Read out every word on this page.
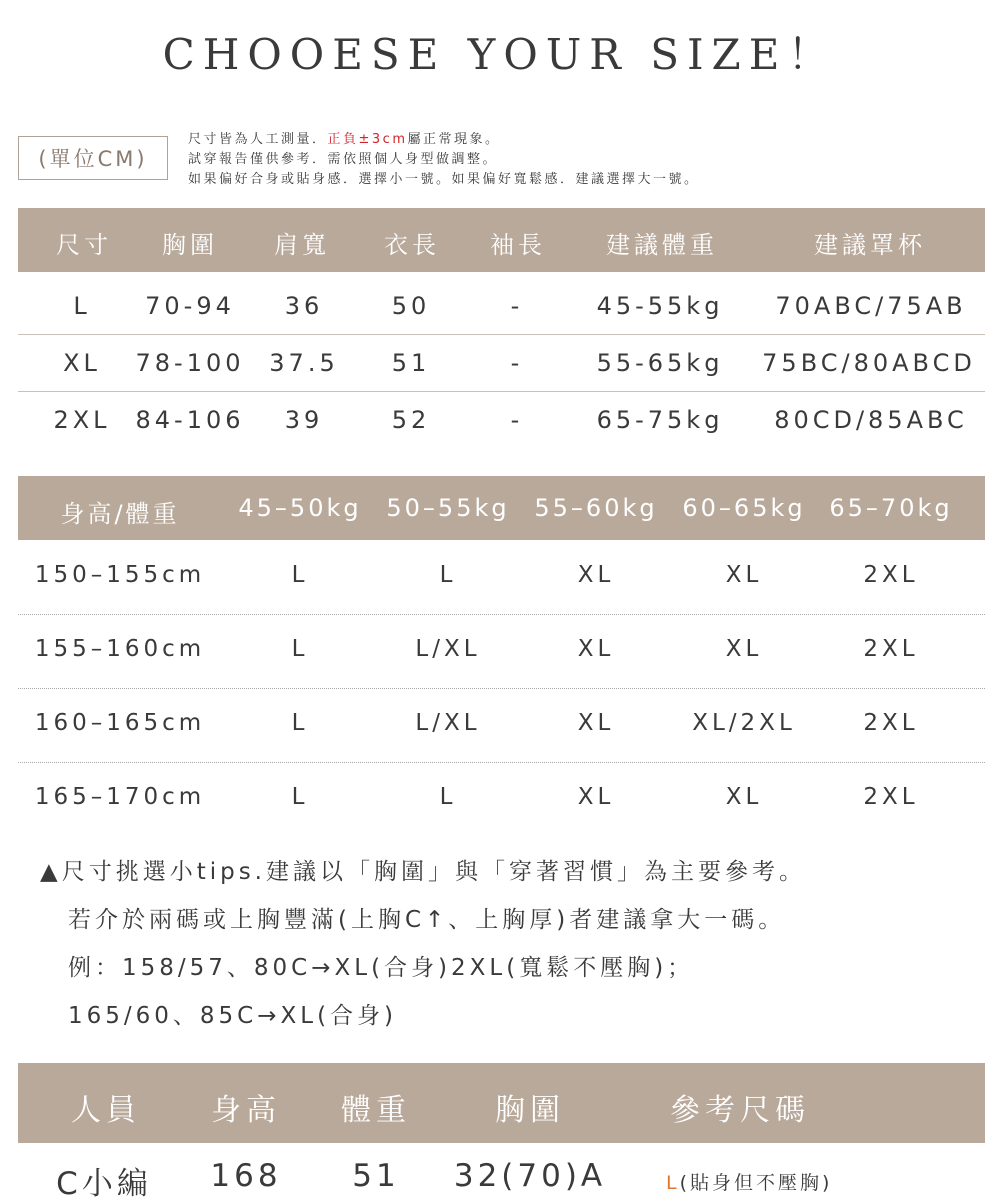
CHOOESE YOUR SIZE！
(單位CM)
尺寸皆為人工測量．正負±3cm屬正常現象。
試穿報告僅供參考．需依照個人身型做調整。
如果偏好合身或貼身感．選擇小一號。如果偏好寬鬆感．建議選擇大一號。
尺寸 胸圍 肩寬 衣長 袖長	建議體重	建議罩杯
L 70-94 36	50	-	45-55kg 70ABC/75AB
XL 78-100 37.5 51	-	55-65kg 75BC/80ABCD
2XL 84-106 39	52	-	65-75kg 80CD/85ABC
身高/體重 45–50kg 50–55kg 55–60kg 60–65kg 65–70kg
150–155cm	L	L	XL	XL	2XL
155–160cm	L	L/XL	XL	XL	2XL
160–165cm	L	L/XL	XL	XL/2XL	2XL
165–170cm	L	L	XL	XL	2XL
▲尺寸挑選小tips.建議以「胸圍」與「穿著習慣」為主要參考。
若介於兩碼或上胸豐滿(上胸C↑、上胸厚)者建議拿大一碼。
例：158/57、80C→XL(合身)2XL(寬鬆不壓胸)；
165/60、85C→XL(合身)
人員 身高 體重	胸圍	參考尺碼
C小編 168 51 32(70)A	L(貼身但不壓胸)
